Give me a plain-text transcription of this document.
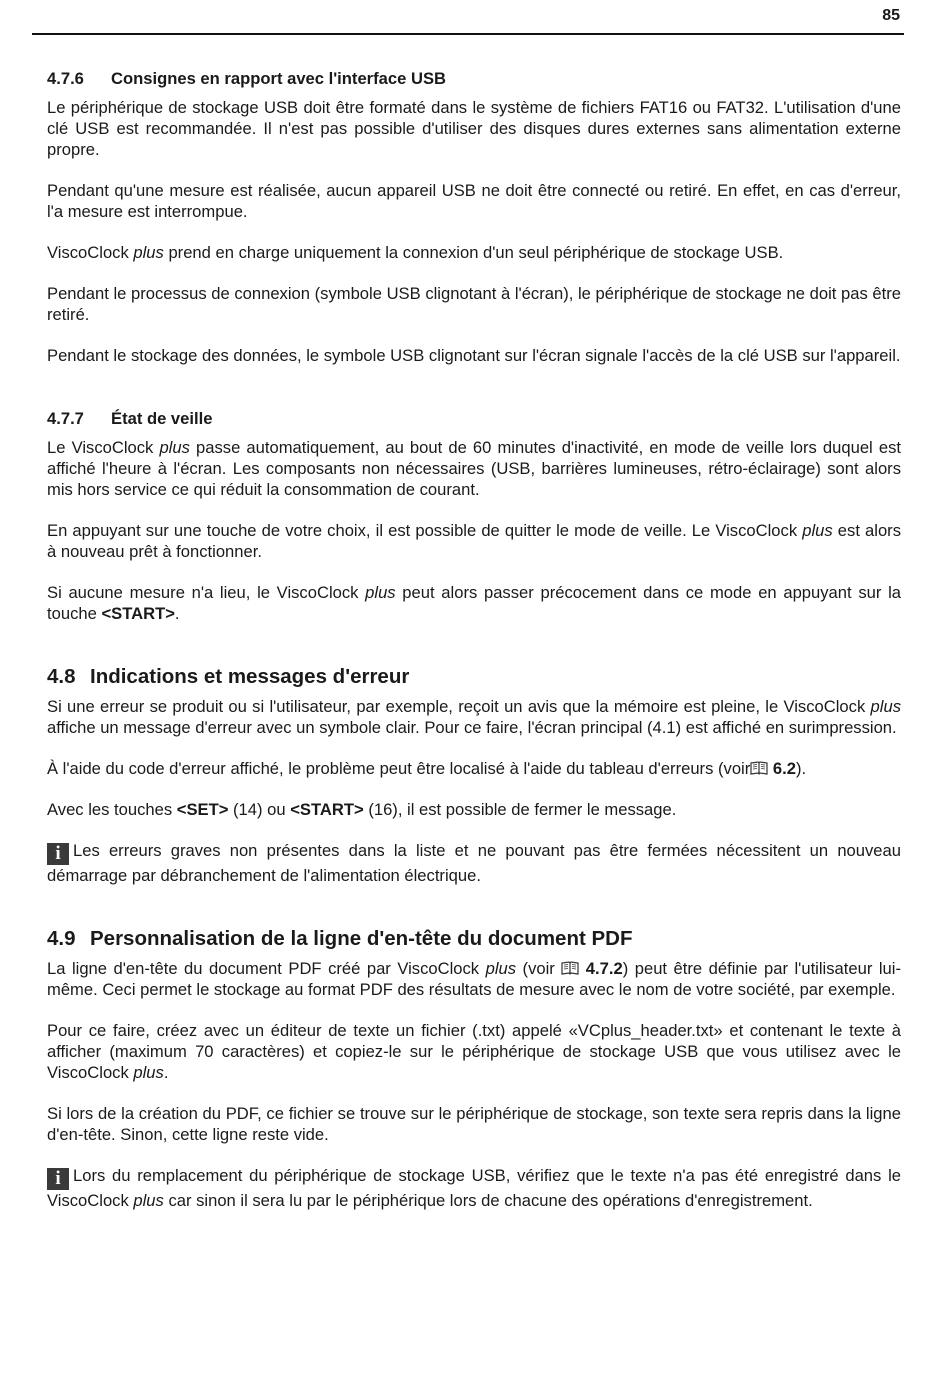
85
4.7.6 Consignes en rapport avec l'interface USB

Le périphérique de stockage USB doit être formaté dans le système de fichiers FAT16 ou FAT32. L'utilisation d'une clé USB est recommandée. Il n'est pas possible d'utiliser des disques dures externes sans alimentation externe propre.

Pendant qu'une mesure est réalisée, aucun appareil USB ne doit être connecté ou retiré. En effet, en cas d'erreur, l'a mesure est interrompue.

ViscoClock plus prend en charge uniquement la connexion d'un seul périphérique de stockage USB.

Pendant le processus de connexion (symbole USB clignotant à l'écran), le périphérique de stockage ne doit pas être retiré.

Pendant le stockage des données, le symbole USB clignotant sur l'écran signale l'accès de la clé USB sur l'appareil.

4.7.7 État de veille

Le ViscoClock plus passe automatiquement, au bout de 60 minutes d'inactivité, en mode de veille lors duquel est affiché l'heure à l'écran. Les composants non nécessaires (USB, barrières lumineuses, rétro-éclairage) sont alors mis hors service ce qui réduit la consommation de courant.

En appuyant sur une touche de votre choix, il est possible de quitter le mode de veille. Le ViscoClock plus est alors à nouveau prêt à fonctionner.

Si aucune mesure n'a lieu, le ViscoClock plus peut alors passer précocement dans ce mode en appuyant sur la touche <START>.

4.8 Indications et messages d'erreur

Si une erreur se produit ou si l'utilisateur, par exemple, reçoit un avis que la mémoire est pleine, le ViscoClock plus affiche un message d'erreur avec un symbole clair. Pour ce faire, l'écran principal (4.1) est affiché en surimpression.

À l'aide du code d'erreur affiché, le problème peut être localisé à l'aide du tableau d'erreurs (voir
6.2).

Avec les touches <SET> (14) ou <START> (16), il est possible de fermer le message.

i Les erreurs graves non présentes dans la liste et ne pouvant pas être fermées nécessitent un nouveau démarrage par débranchement de l'alimentation électrique.

4.9 Personnalisation de la ligne d'en-tête du document PDF

La ligne d'en-tête du document PDF créé par ViscoClock plus (voir
4.7.2) peut être définie par l'utilisateur lui-même. Ceci permet le stockage au format PDF des résultats de mesure avec le nom de votre société, par exemple.

Pour ce faire, créez avec un éditeur de texte un fichier (.txt) appelé «VCplus_header.txt» et contenant le texte à afficher (maximum 70 caractères) et copiez-le sur le périphérique de stockage USB que vous utilisez avec le ViscoClock plus.

Si lors de la création du PDF, ce fichier se trouve sur le périphérique de stockage, son texte sera repris dans la ligne d'en-tête. Sinon, cette ligne reste vide.

i Lors du remplacement du périphérique de stockage USB, vérifiez que le texte n'a pas été enregistré dans le ViscoClock plus car sinon il sera lu par le périphérique lors de chacune des opérations d'enregistrement.
